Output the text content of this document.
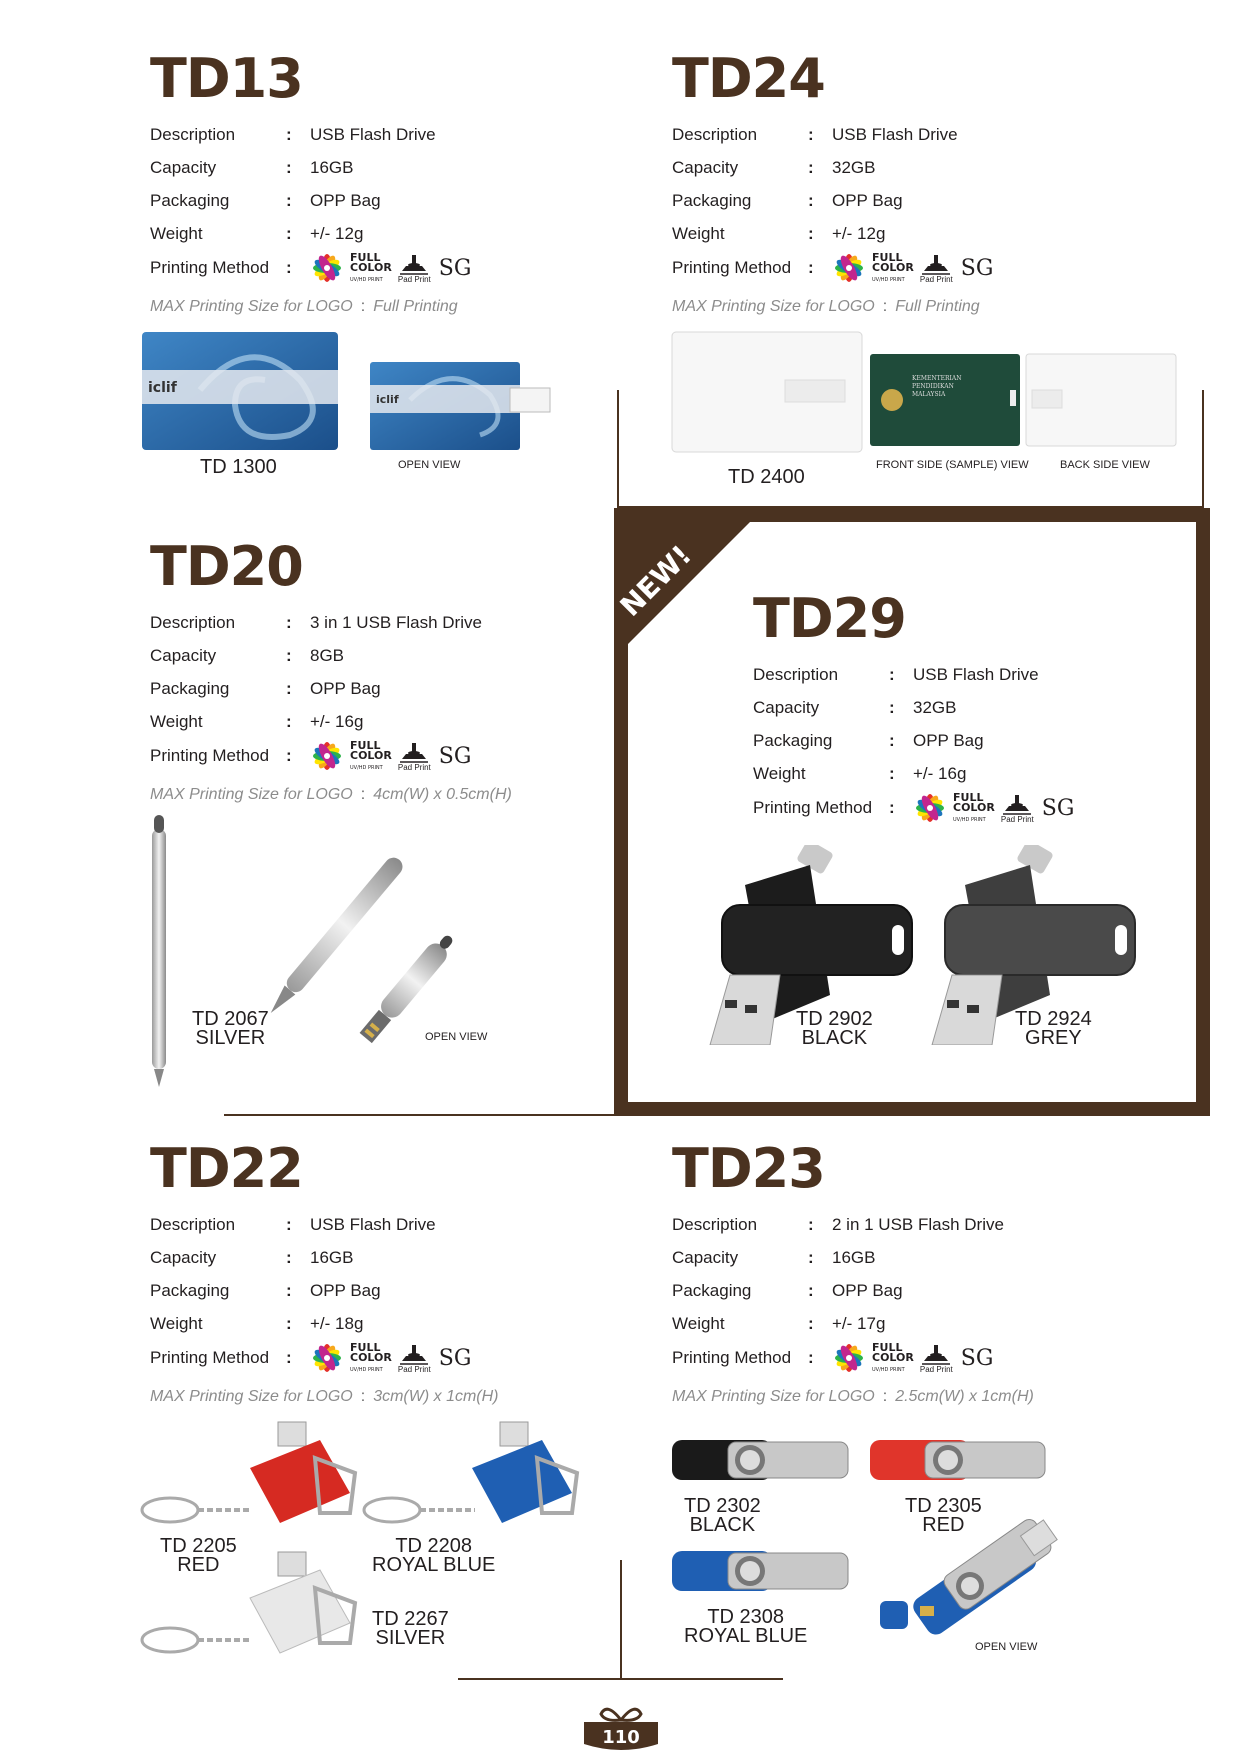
TD13
Description	:	USB Flash Drive
Capacity	:	16GB
Packaging	:	OPP Bag
Weight	:	+/- 12g
Printing Method :
FULL
COLOR
UV/HD PRINT	Pad Print SG
MAX Printing Size for LOGO : Full Printing
iclif
iclif
TD 1300	OPEN VIEW
TD24
Description	:	USB Flash Drive
Capacity	:	32GB
Packaging	:	OPP Bag
Weight	:	+/- 12g
Printing Method :
FULL
COLOR
UV/HD PRINT	Pad Print SG
MAX Printing Size for LOGO : Full Printing
KEMENTERIAN
PENDIDIKAN
MALAYSIA
TD 2400
FRONT SIDE (SAMPLE) VIEW	BACK SIDE VIEW
TD20
Description	:	3 in 1 USB Flash Drive
Capacity	:	8GB
Packaging	:	OPP Bag
Weight	:	+/- 16g
Printing Method :
FULL
COLOR
UV/HD PRINT	Pad Print SG
MAX Printing Size for LOGO : 4cm(W) x 0.5cm(H)
TD 2067
SILVER	OPEN VIEW
NEW! TD29
Description	:	USB Flash Drive
Capacity	:	32GB
Packaging	:	OPP Bag
Weight	:	+/- 16g
Printing Method :
FULL
COLOR
UV/HD PRINT	Pad Print SG
TD 2902
BLACK
TD 2924
GREY
TD22
Description	:	USB Flash Drive
Capacity	:	16GB
Packaging	:	OPP Bag
Weight	:	+/- 18g
Printing Method :
FULL
COLOR
UV/HD PRINT	Pad Print SG
MAX Printing Size for LOGO : 3cm(W) x 1cm(H)
TD 2205
RED
TD 2208
ROYAL BLUE
TD 2267
SILVER
TD23
Description	:	2 in 1 USB Flash Drive
Capacity	:	16GB
Packaging	:	OPP Bag
Weight	:	+/- 17g
Printing Method :
FULL
COLOR
UV/HD PRINT	Pad Print SG
MAX Printing Size for LOGO : 2.5cm(W) x 1cm(H)
TD 2302
BLACK
TD 2305
RED
TD 2308
ROYAL BLUE	OPEN VIEW
110
